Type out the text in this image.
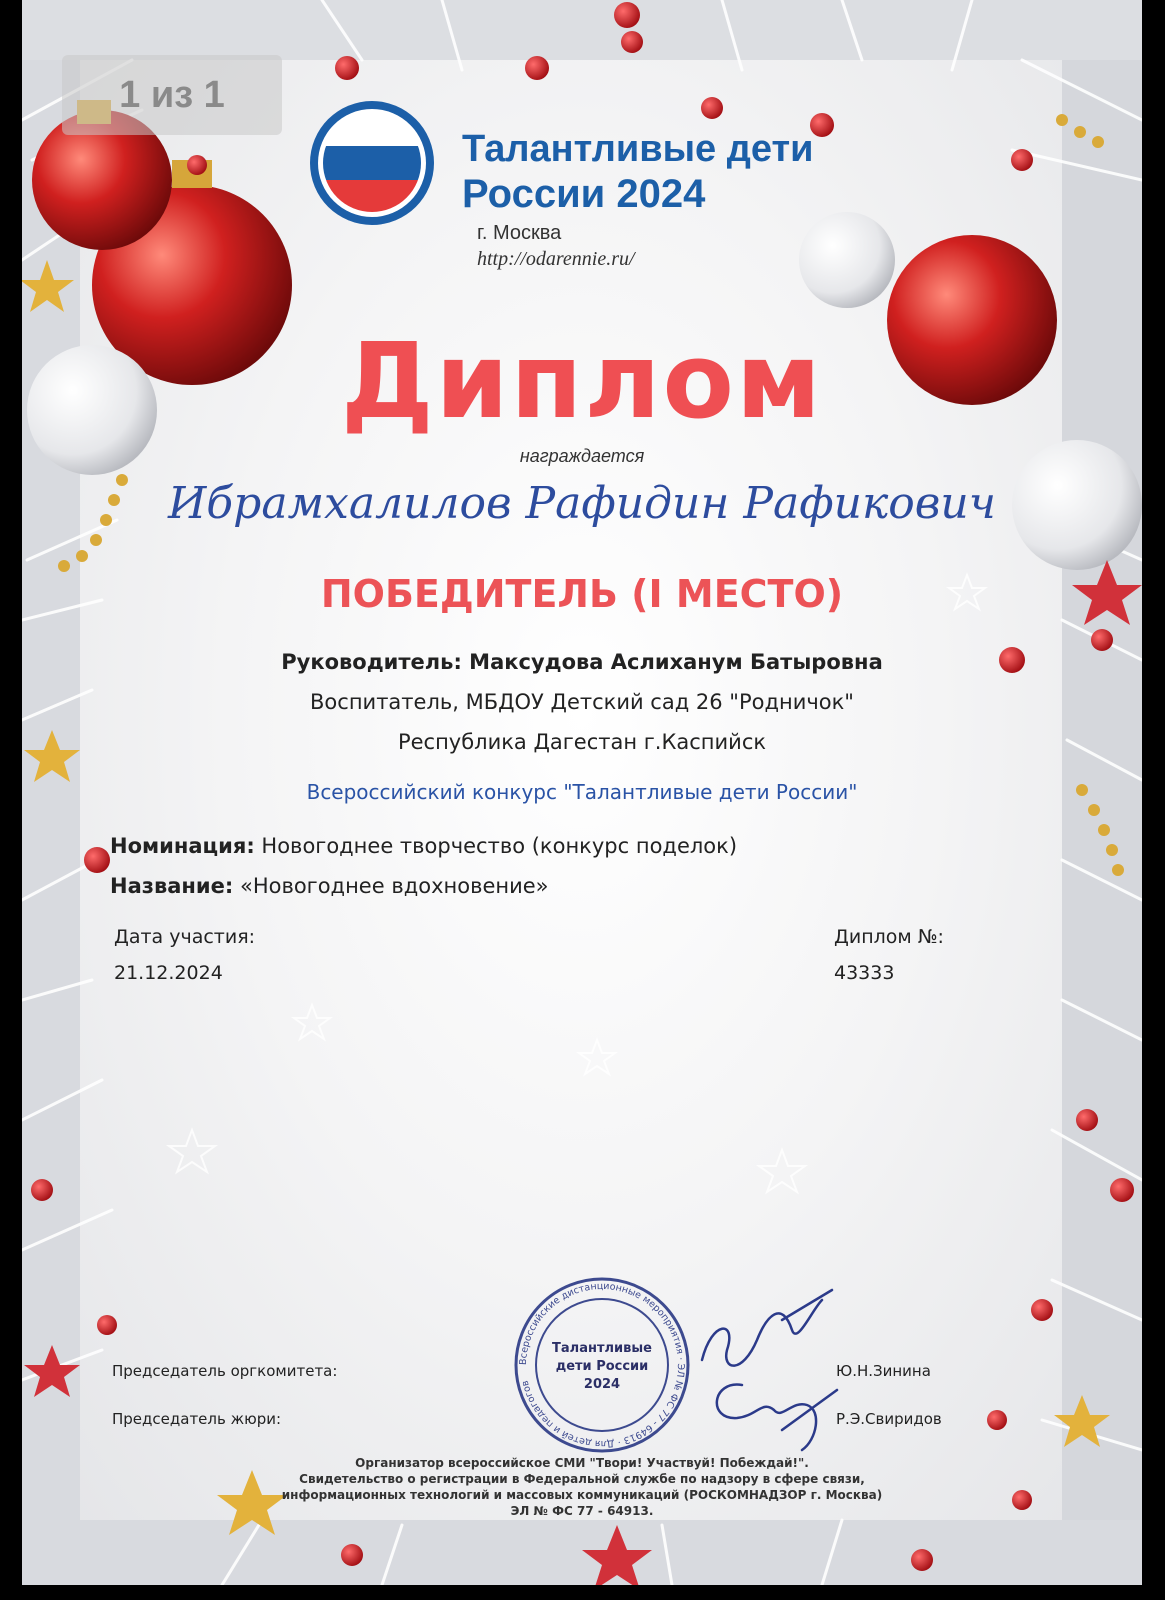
Всероссийские дистанционные мероприятия · ЭЛ № ФС 77 - 64913 · Для детей и педагогов
Талантливые
дети России
2024
1 из 1
Талантливые дети
России 2024
г. Москва
http://odarennie.ru/
Диплом
награждается
Ибрамхалилов Рафидин Рафикович
ПОБЕДИТЕЛЬ (I МЕСТО)
Руководитель: Максудова Аслиханум Батыровна
Воспитатель, МБДОУ Детский сад 26 "Родничок"
Республика Дагестан г.Каспийск
Всероссийский конкурс "Талантливые дети России"
Номинация: Новогоднее творчество (конкурс поделок)
Название: «Новогоднее вдохновение»
Дата участия:
21.12.2024
Диплом №:
43333
Председатель оргкомитета:	Ю.Н.Зинина
Председатель жюри:	Р.Э.Свиридов
Организатор всероссийское СМИ "Твори! Участвуй! Побеждай!".
Свидетельство о регистрации в Федеральной службе по надзору в сфере связи,
информационных технологий и массовых коммуникаций (РОСКОМНАДЗОР г. Москва)
ЭЛ № ФС 77 - 64913.
